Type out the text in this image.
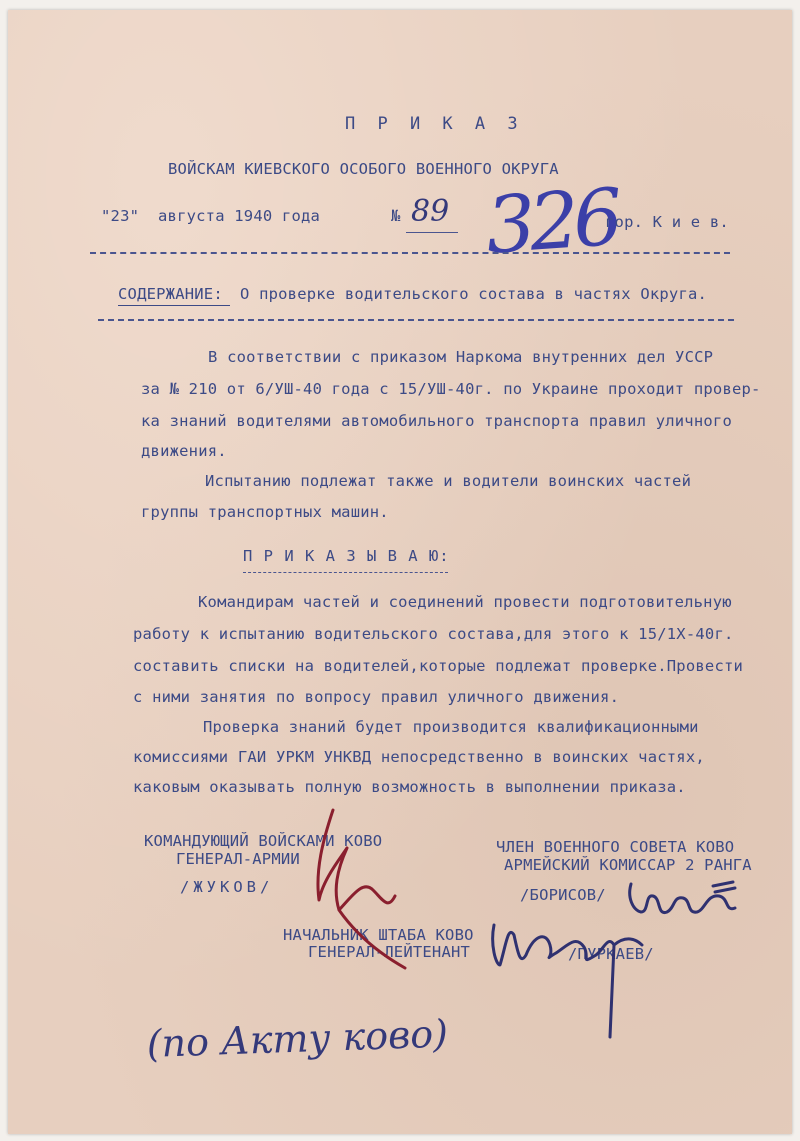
П Р И К А З
ВОЙСКАМ КИЕВСКОГО ОСОБОГО ВОЕННОГО ОКРУГА
"23" августа 1940 года	№ 89 326
гор. К и е в.
СОДЕРЖАНИЕ: О проверке водительского состава в частях Округа.
В соответствии с приказом Наркома внутренних дел УССР
за № 210 от 6/УШ-40 года с 15/УШ-40г. по Украине проходит провер-
ка знаний водителями автомобильного транспорта правил уличного
движения.
Испытанию подлежат также и водители воинских частей
группы транспортных машин.
П Р И К А З Ы В А Ю:
Командирам частей и соединений провести подготовительную
работу к испытанию водительского состава,для этого к 15/1Х-40г.
составить списки на водителей,которые подлежат проверке.Провести
с ними занятия по вопросу правил уличного движения.
Проверка знаний будет производится квалификационными
комиссиями ГАИ УРКМ УНКВД непосредственно в воинских частях,
каковым оказывать полную возможность в выполнении приказа.
КОМАНДУЮЩИЙ ВОЙСКАМИ КОВО
ГЕНЕРАЛ-АРМИИ
/ЖУКОВ/
ЧЛЕН ВОЕННОГО СОВЕТА КОВО
АРМЕЙСКИЙ КОМИССАР 2 РАНГА
/БОРИСОВ/
НАЧАЛЬНИК ШТАБА КОВО
ГЕНЕРАЛ-ЛЕЙТЕНАНТ	/ПУРКАЕВ/
(по Акту ково)
